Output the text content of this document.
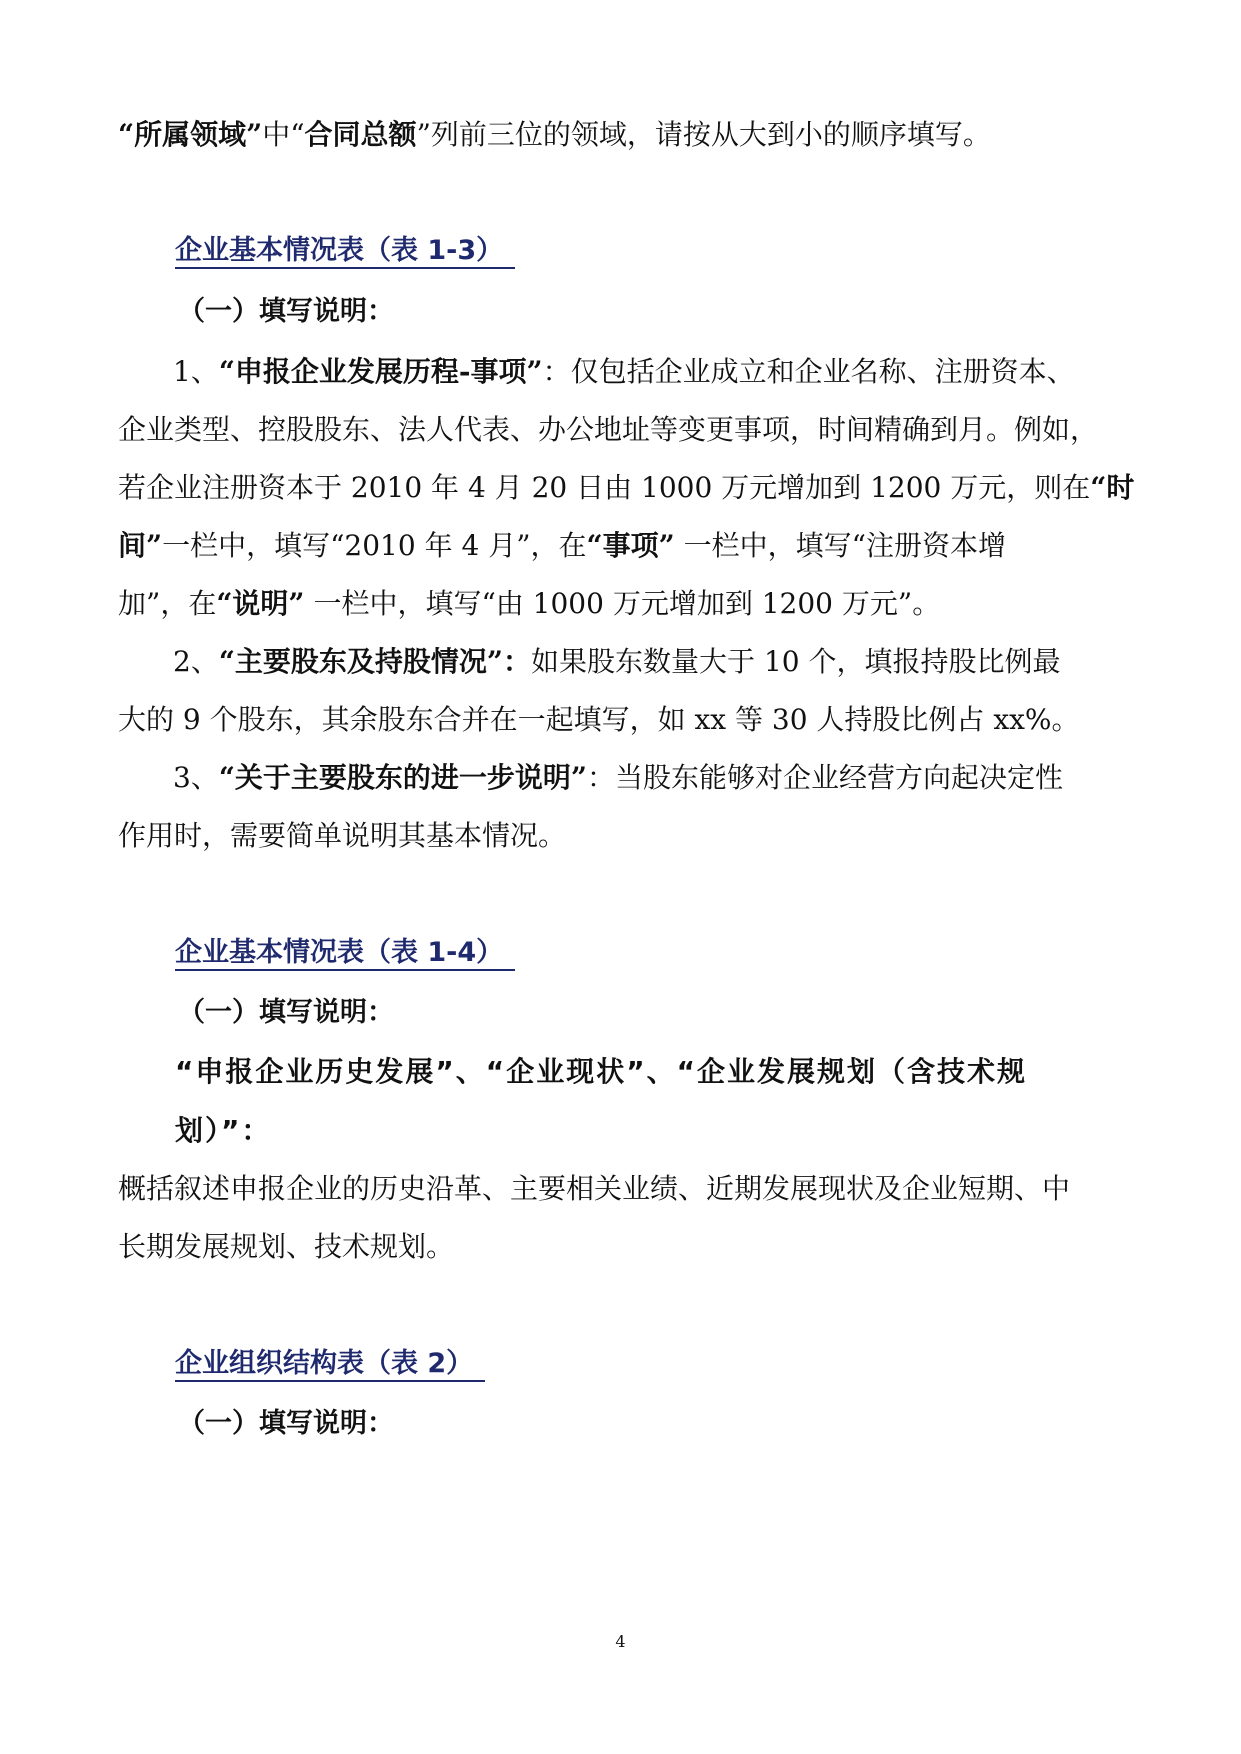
“所属领域”中“合同总额”列前三位的领域，请按从大到小的顺序填写。
企业基本情况表（表 1-3）
（一）填写说明：
1、“申报企业发展历程-事项”：仅包括企业成立和企业名称、注册资本、
企业类型、控股股东、法人代表、办公地址等变更事项，时间精确到月。例如，
若企业注册资本于 2010 年 4 月 20 日由 1000 万元增加到 1200 万元，则在“时
间”一栏中，填写“2010 年 4 月”，在“事项” 一栏中，填写“注册资本增
加”，在“说明” 一栏中，填写“由 1000 万元增加到 1200 万元”。
2、“主要股东及持股情况”：如果股东数量大于 10 个，填报持股比例最
大的 9 个股东，其余股东合并在一起填写，如 xx 等 30 人持股比例占 xx%。
3、“关于主要股东的进一步说明”：当股东能够对企业经营方向起决定性
作用时，需要简单说明其基本情况。
企业基本情况表（表 1-4）
（一）填写说明：
“申报企业历史发展”、“企业现状”、“企业发展规划（含技术规
划）”：
概括叙述申报企业的历史沿革、主要相关业绩、近期发展现状及企业短期、中
长期发展规划、技术规划。
企业组织结构表（表 2）
（一）填写说明：
4
